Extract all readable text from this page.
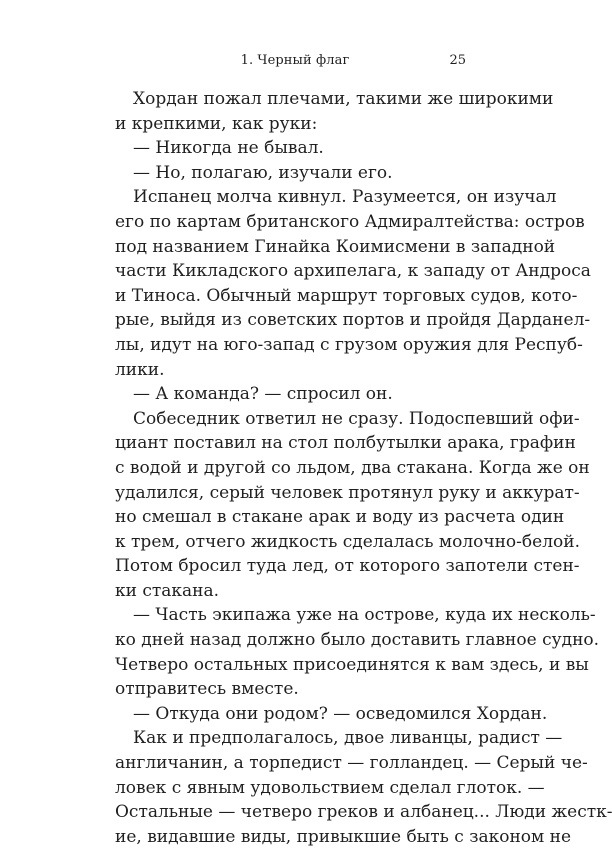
1. Черный флаг	25
Хордан пожал плечами, такими же широкими
и крепкими, как руки:
— Никогда не бывал.
— Но, полагаю, изучали его.
Испанец молча кивнул. Разумеется, он изучал
его по картам британского Адмиралтейства: остров
под названием Гинайка Коимисмени в западной
части Кикладского архипелага, к западу от Андроса
и Тиноса. Обычный маршрут торговых судов, кото-
рые, выйдя из советских портов и пройдя Дарданел-
лы, идут на юго-запад с грузом оружия для Респуб-
лики.
— А команда? — спросил он.
Собеседник ответил не сразу. Подоспевший офи-
циант поставил на стол полбутылки арака, графин
с водой и другой со льдом, два стакана. Когда же он
удалился, серый человек протянул руку и аккурат-
но смешал в стакане арак и воду из расчета один
к трем, отчего жидкость сделалась молочно-белой.
Потом бросил туда лед, от которого запотели стен-
ки стакана.
— Часть экипажа уже на острове, куда их несколь-
ко дней назад должно было доставить главное судно.
Четверо остальных присоединятся к вам здесь, и вы
отправитесь вместе.
— Откуда они родом? — осведомился Хордан.
Как и предполагалось, двое ливанцы, радист —
англичанин, а торпедист — голландец. — Серый че-
ловек с явным удовольствием сделал глоток. —
Остальные — четверо греков и албанец... Люди жестк-
ие, видавшие виды, привыкшие быть с законом не
